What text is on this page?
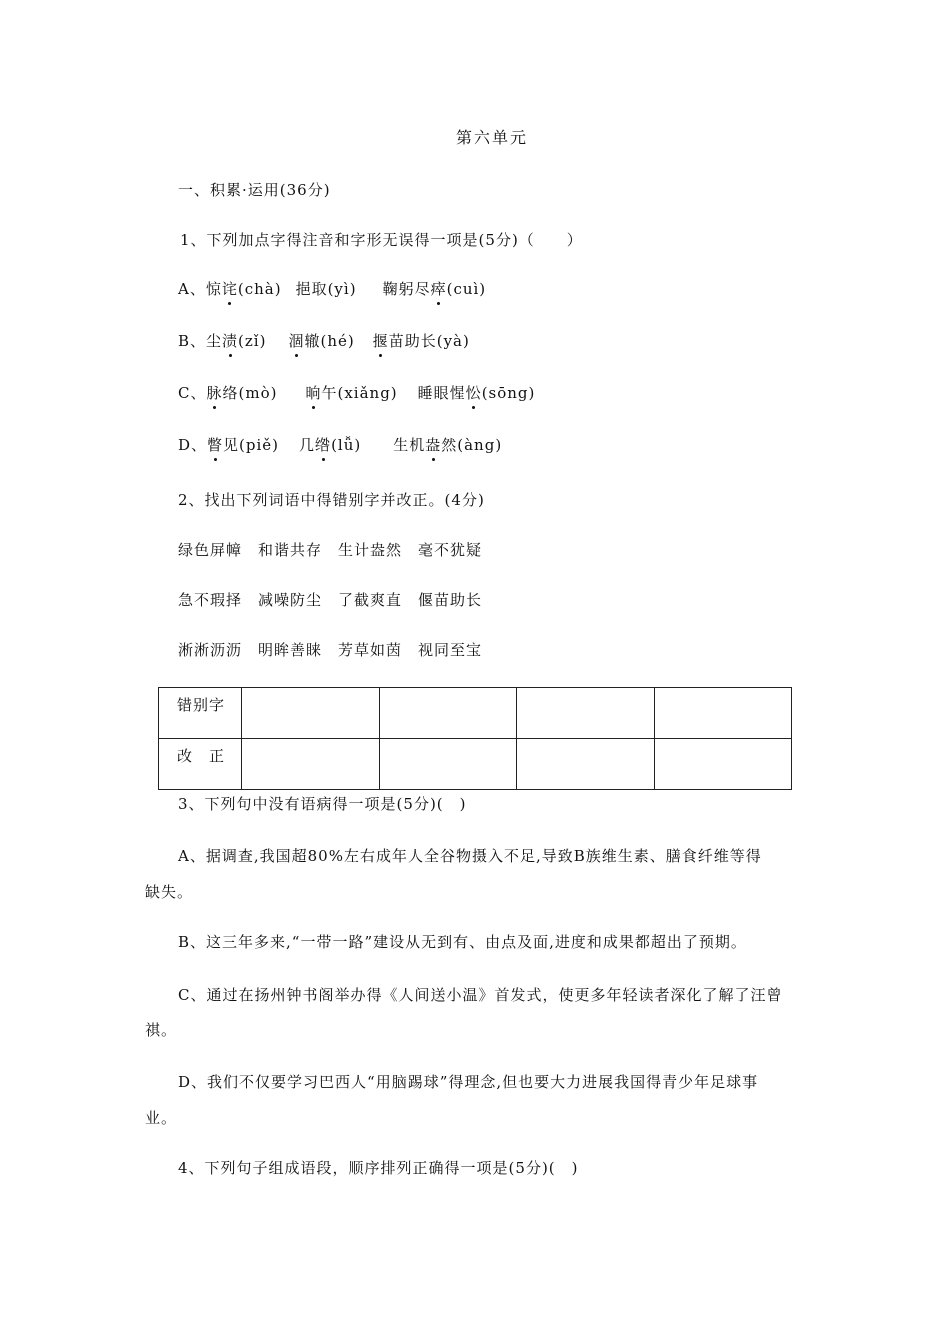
第六单元
一、积累·运用(36分)
1、下列加点字得注音和字形无误得一项是(5分)（　　）
A、惊诧(chà) 挹取(yì) 鞠躬尽瘁(cuì)
B、尘渍(zǐ) 涸辙(hé) 揠苗助长(yà)
C、脉络(mò) 晌午(xiǎng) 睡眼惺忪(sōng)
D、瞥见(piě) 几绺(lǚ) 生机盎然(àng)
2、找出下列词语中得错别字并改正。(4分)
绿色屏幛　和谐共存　生计盎然　毫不犹疑
急不瑕择　减噪防尘　了截爽直　偃苗助长
淅淅沥沥　明眸善睐　芳草如茵　视同至宝
错别字				
改　正				
3、下列句中没有语病得一项是(5分)(　)
A、据调查,我国超80%左右成年人全谷物摄入不足,导致B族维生素、膳食纤维等得
缺失。
B、这三年多来,“一带一路”建设从无到有、由点及面,进度和成果都超出了预期。
C、通过在扬州钟书阁举办得《人间送小温》首发式，使更多年轻读者深化了解了汪曾
祺。
D、我们不仅要学习巴西人“用脑踢球”得理念,但也要大力进展我国得青少年足球事
业。
4、下列句子组成语段，顺序排列正确得一项是(5分)(　)
